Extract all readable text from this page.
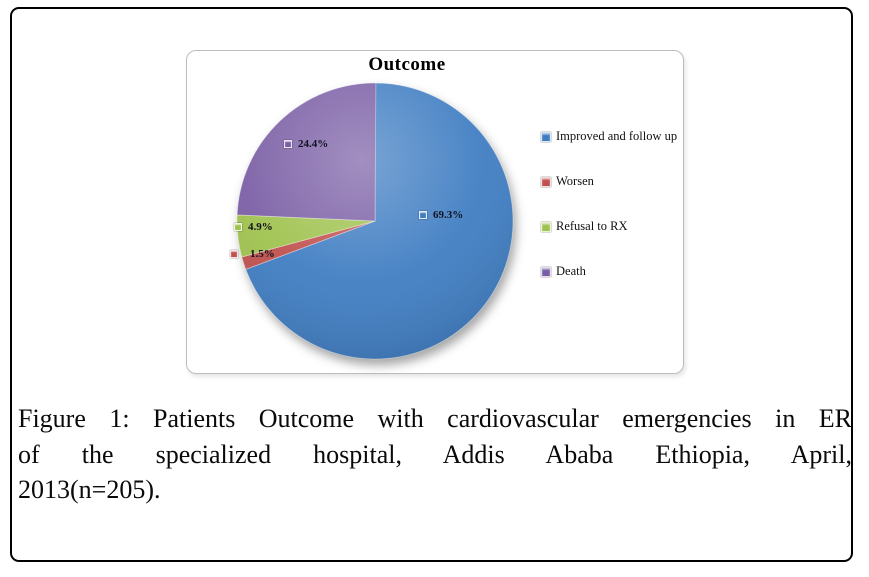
Outcome
69.3%
1.5%
4.9%
24.4%
Improved and follow up
Worsen
Refusal to RX
Death
Figure 1: Patients Outcome with cardiovascular emergencies in ER
of the specialized hospital, Addis Ababa Ethiopia, April,
2013(n=205).
